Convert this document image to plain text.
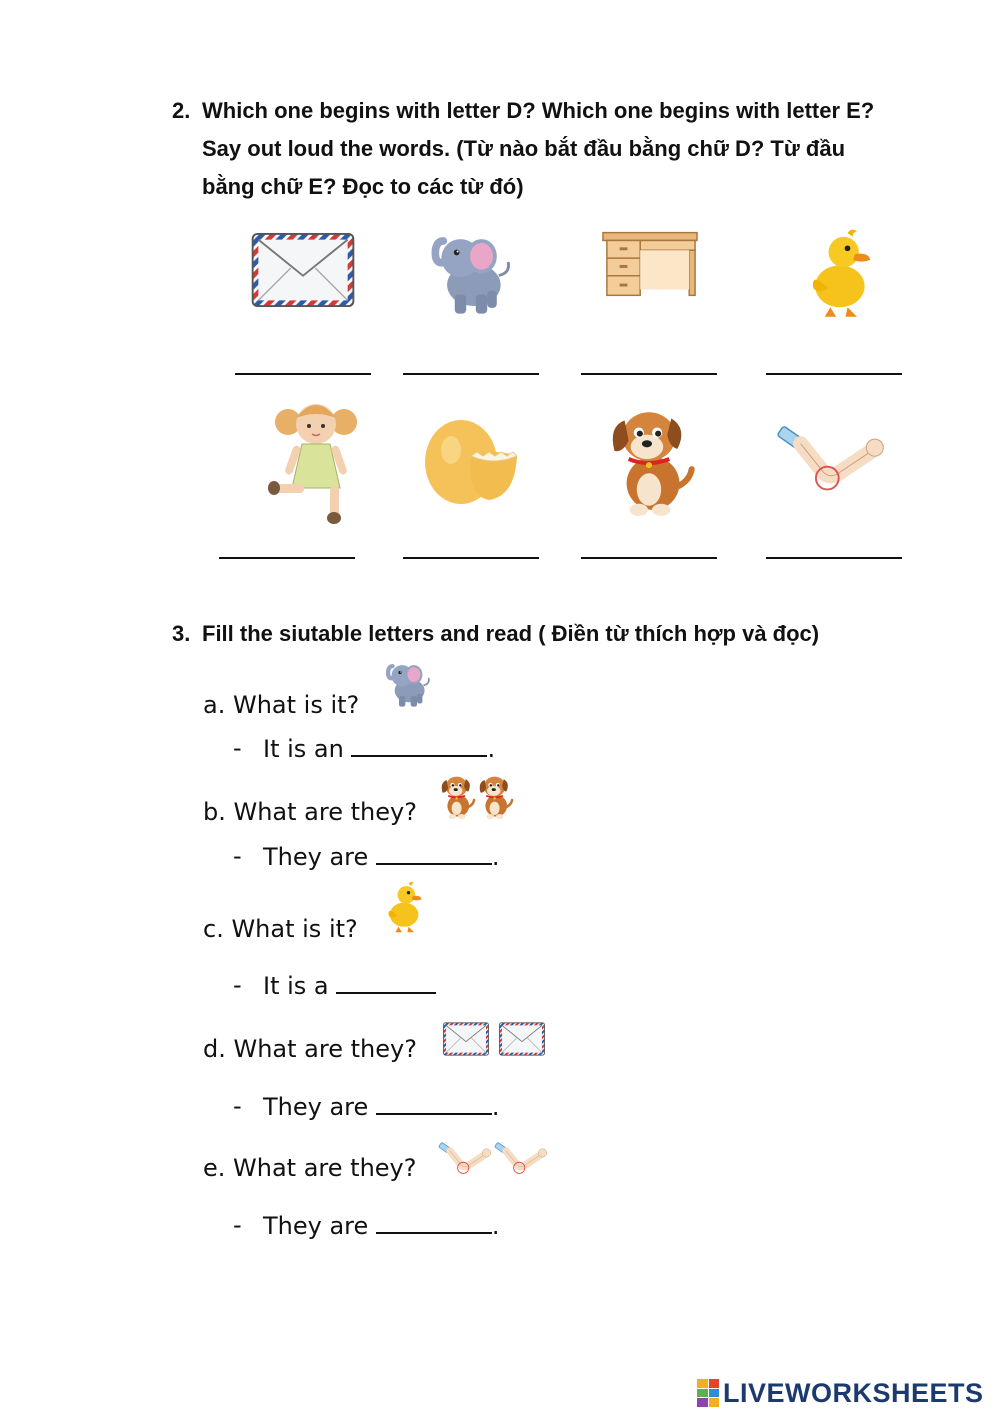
2. Which one begins with letter D? Which one begins with letter E? Say out loud the words. (Từ nào bắt đầu bằng chữ D? Từ đầu bằng chữ E? Đọc to các từ đó)
3. Fill the siutable letters and read ( Điền từ thích hợp và đọc)
a. What is it?
- It is an	.
b. What are they?
- They are	.
c. What is it?
- It is a
d. What are they?
- They are	.
e. What are they?
- They are	.
LIVEWORKSHEETS
